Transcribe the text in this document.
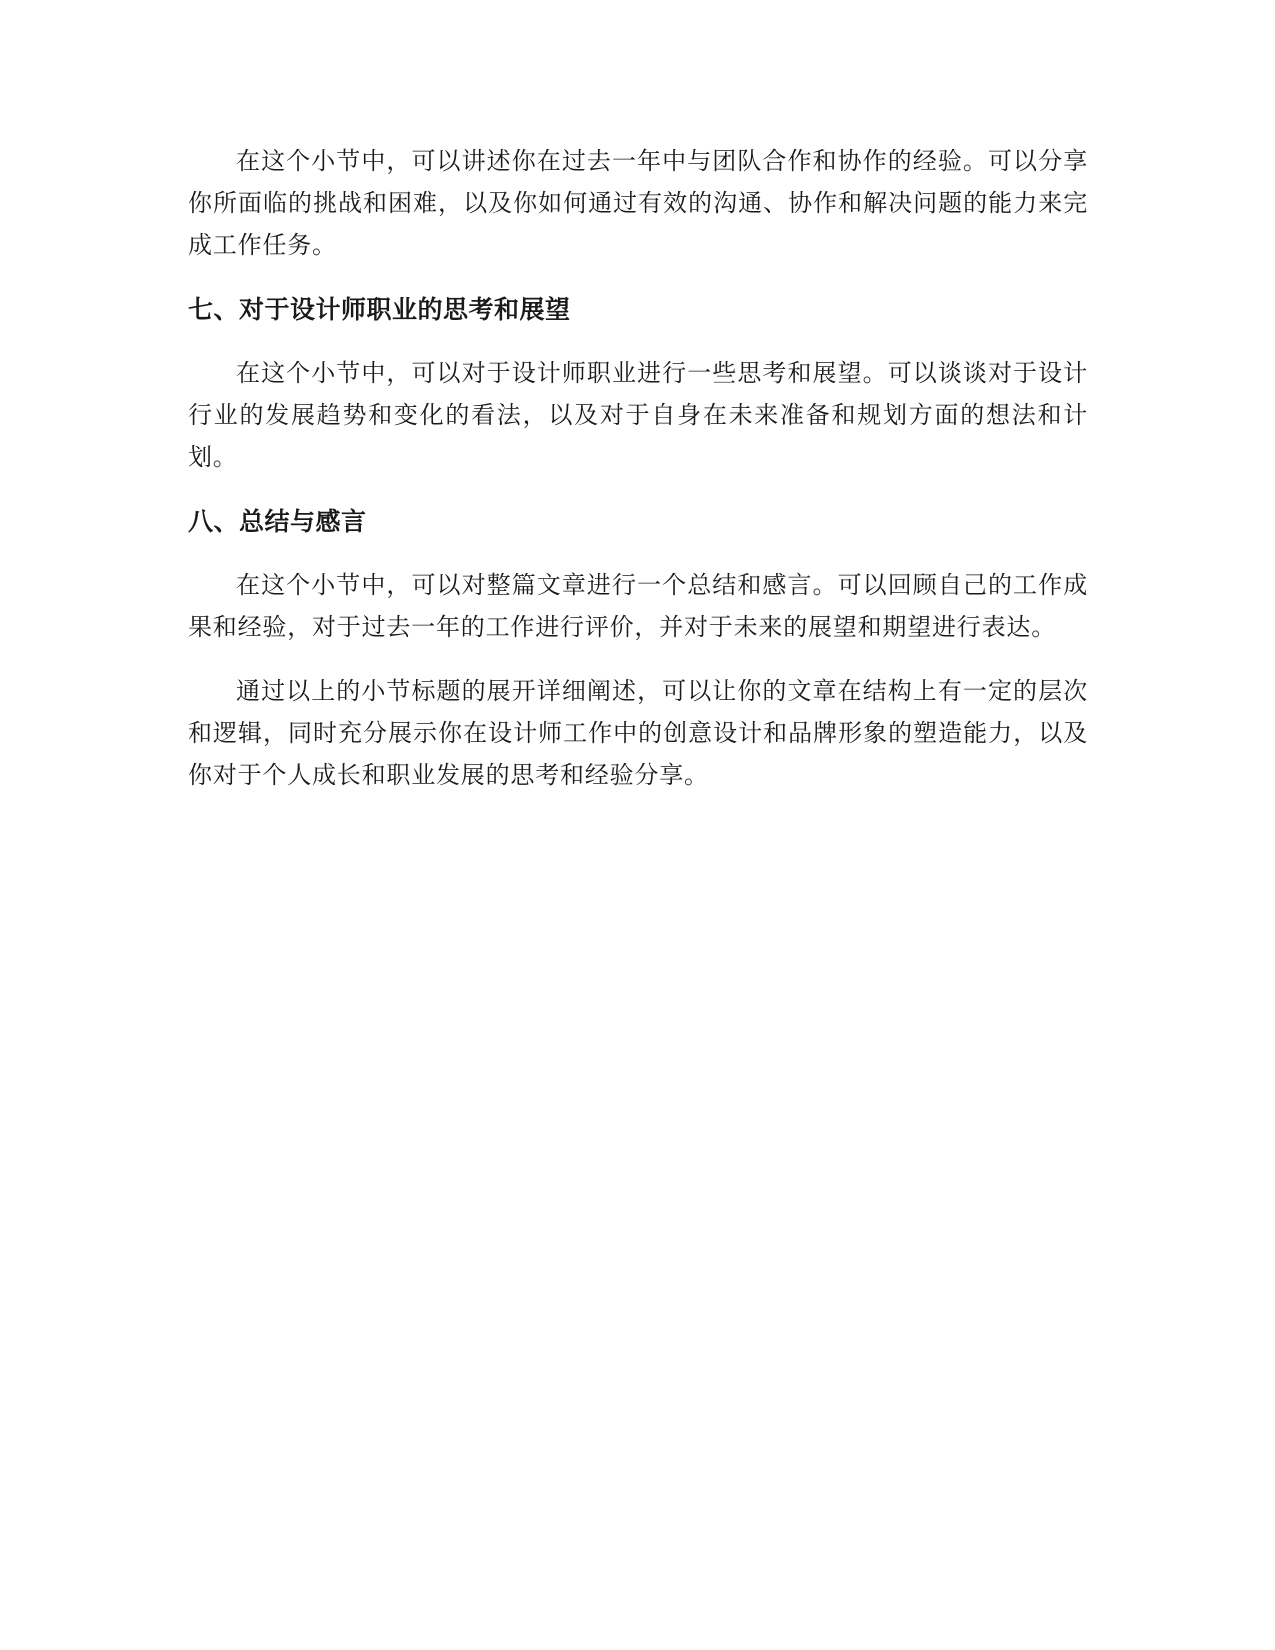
在这个小节中，可以讲述你在过去一年中与团队合作和协作的经验。可以分享你所面临的挑战和困难，以及你如何通过有效的沟通、协作和解决问题的能力来完成工作任务。

七、对于设计师职业的思考和展望

在这个小节中，可以对于设计师职业进行一些思考和展望。可以谈谈对于设计行业的发展趋势和变化的看法，以及对于自身在未来准备和规划方面的想法和计划。

八、总结与感言

在这个小节中，可以对整篇文章进行一个总结和感言。可以回顾自己的工作成果和经验，对于过去一年的工作进行评价，并对于未来的展望和期望进行表达。

通过以上的小节标题的展开详细阐述，可以让你的文章在结构上有一定的层次和逻辑，同时充分展示你在设计师工作中的创意设计和品牌形象的塑造能力，以及你对于个人成长和职业发展的思考和经验分享。
